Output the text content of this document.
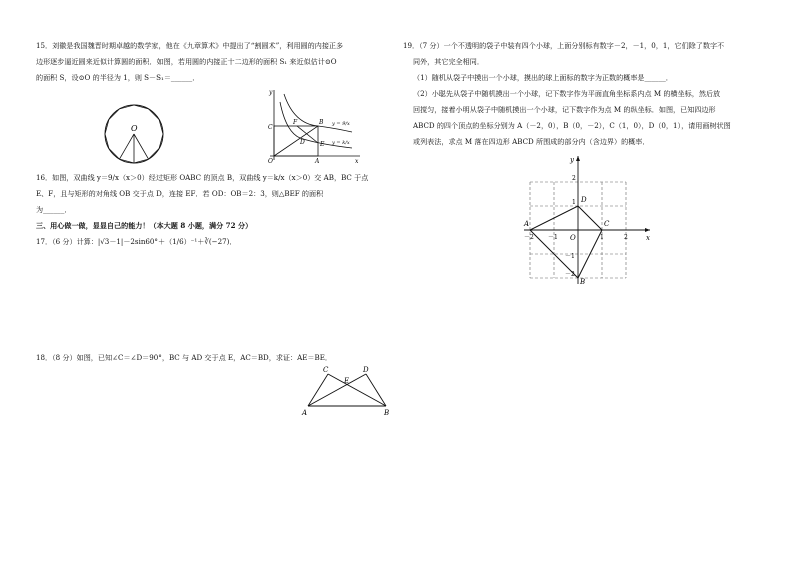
15．刘徽是我国魏晋时期卓越的数学家，他在《九章算术》中提出了“割圆术”，利用圆的内接正多

边形逐步逼近圆来近似计算圆的面积．如图，若用圆的内接正十二边形的面积 S₁ 来近似估计⊙O

的面积 S，设⊙O 的半径为 1，则 S－S₁＝______．

O
y
x
O
C
F	B
D	E
A
y = 9/x
y = k/x

16．如图，双曲线 y＝9/x（x＞0）经过矩形 OABC 的顶点 B，双曲线 y＝k/x（x＞0）交 AB，BC 于点

E、F，且与矩形的对角线 OB 交于点 D，连接 EF．若 OD：OB＝2：3，则△BEF 的面积

为______．

三、用心做一做，显显自己的能力！（本大题 8 小题，满分 72 分）

17．（6 分）计算：|√3－1|－2sin60°＋（1/6）⁻¹＋∛(−27)．

18．（8 分）如图，已知∠C＝∠D＝90°，BC 与 AD 交于点 E，AC＝BD，求证：AE＝BE．

C	D
E
A	B

19．（7 分）一个不透明的袋子中装有四个小球，上面分别标有数字－2，－1，0，1，它们除了数字不

同外，其它完全相同．

（1）随机从袋子中摸出一个小球，摸出的球上面标的数字为正数的概率是______．

（2）小聪先从袋子中随机摸出一个小球，记下数字作为平面直角坐标系内点 M 的横坐标，然后放

回搅匀，接着小明从袋子中随机摸出一个小球，记下数字作为点 M 的纵坐标．如图，已知四边形

ABCD 的四个顶点的坐标分别为 A（－2，0），B（0，－2），C（1，0），D（0，1），请用画树状图

或列表法，求点 M 落在四边形 ABCD 所围成的部分内（含边界）的概率．

y
x
O
A
B
C
D
2
1
－1
－2
－2 －1	1	2
